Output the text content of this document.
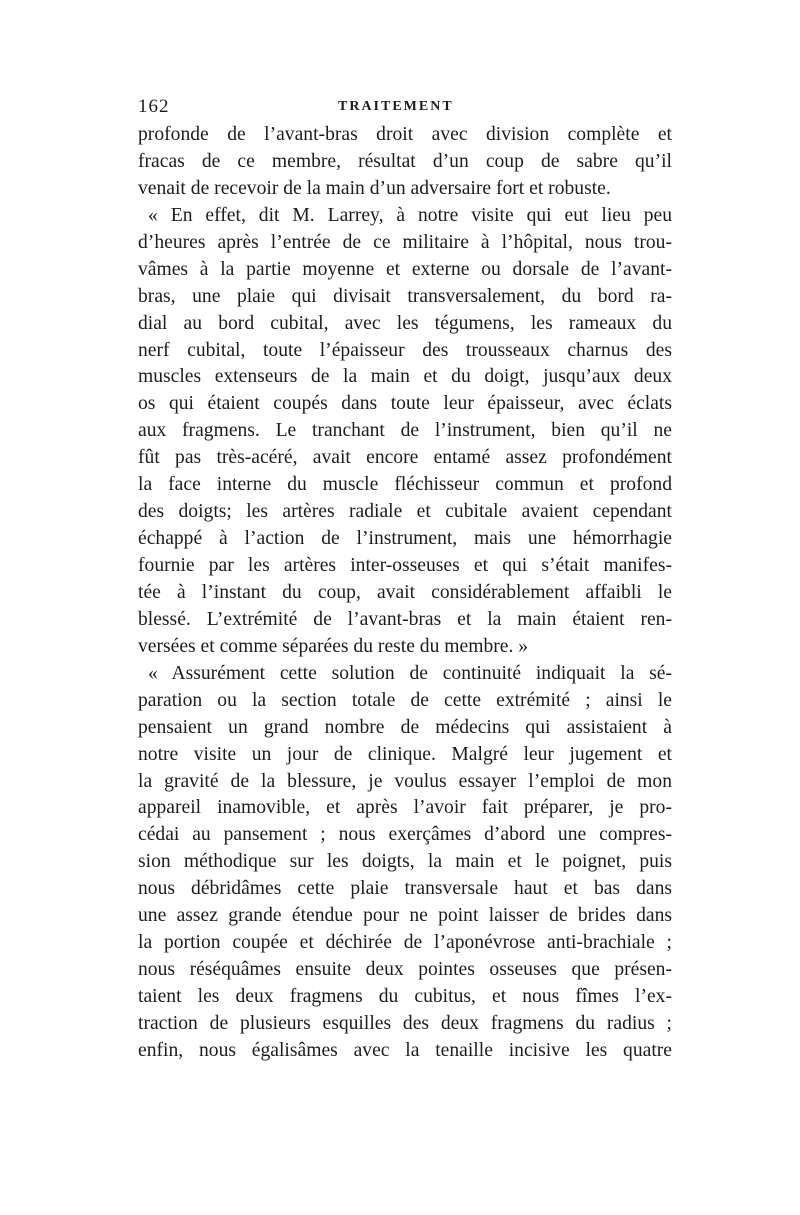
162	TRAITEMENT
profonde de l’avant-bras droit avec division complète et
fracas de ce membre, résultat d’un coup de sabre qu’il
venait de recevoir de la main d’un adversaire fort et robuste.
« En effet, dit M. Larrey, à notre visite qui eut lieu peu
d’heures après l’entrée de ce militaire à l’hôpital, nous trou-
vâmes à la partie moyenne et externe ou dorsale de l’avant-
bras, une plaie qui divisait transversalement, du bord ra-
dial au bord cubital, avec les tégumens, les rameaux du
nerf cubital, toute l’épaisseur des trousseaux charnus des
muscles extenseurs de la main et du doigt, jusqu’aux deux
os qui étaient coupés dans toute leur épaisseur, avec éclats
aux fragmens. Le tranchant de l’instrument, bien qu’il ne
fût pas très-acéré, avait encore entamé assez profondément
la face interne du muscle fléchisseur commun et profond
des doigts; les artères radiale et cubitale avaient cependant
échappé à l’action de l’instrument, mais une hémorrhagie
fournie par les artères inter-osseuses et qui s’était manifes-
tée à l’instant du coup, avait considérablement affaibli le
blessé. L’extrémité de l’avant-bras et la main étaient ren-
versées et comme séparées du reste du membre. »
« Assurément cette solution de continuité indiquait la sé-
paration ou la section totale de cette extrémité ; ainsi le
pensaient un grand nombre de médecins qui assistaient à
notre visite un jour de clinique. Malgré leur jugement et
la gravité de la blessure, je voulus essayer l’emploi de mon
appareil inamovible, et après l’avoir fait préparer, je pro-
cédai au pansement ; nous exerçâmes d’abord une compres-
sion méthodique sur les doigts, la main et le poignet, puis
nous débridâmes cette plaie transversale haut et bas dans
une assez grande étendue pour ne point laisser de brides dans
la portion coupée et déchirée de l’aponévrose anti-brachiale ;
nous réséquâmes ensuite deux pointes osseuses que présen-
taient les deux fragmens du cubitus, et nous fîmes l’ex-
traction de plusieurs esquilles des deux fragmens du radius ;
enfin, nous égalisâmes avec la tenaille incisive les quatre
